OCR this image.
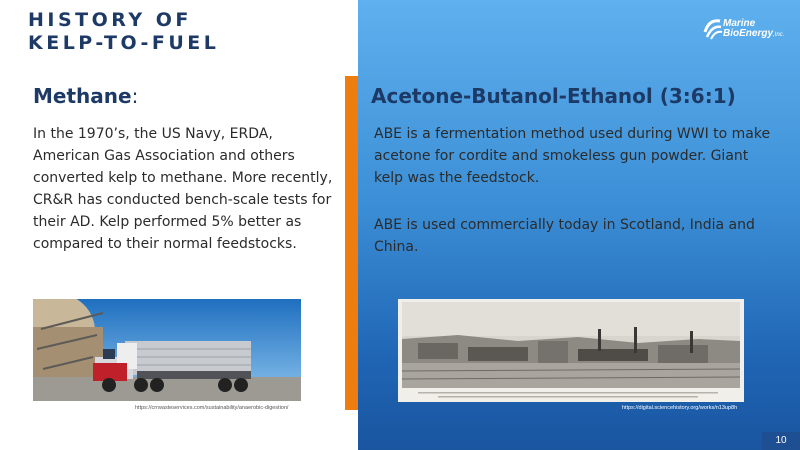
HISTORY OF
KELP-TO-FUEL
Marine
BioEnergy,Inc.
Methane:

In the 1970’s, the US Navy, ERDA, American Gas Association and others converted kelp to methane. More recently, CR&R has conducted bench-scale tests for their AD. Kelp performed 5% better as compared to their normal feedstocks.

https://crrwasteservices.com/sustainability/anaerobic-digestion/
Acetone-Butanol-Ethanol (3:6:1)

ABE is a fermentation method used during WWI to make acetone for cordite and smokeless gun powder. Giant kelp was the feedstock.

ABE is used commercially today in Scotland, India and China.

https://digital.sciencehistory.org/works/n13up8h
10
